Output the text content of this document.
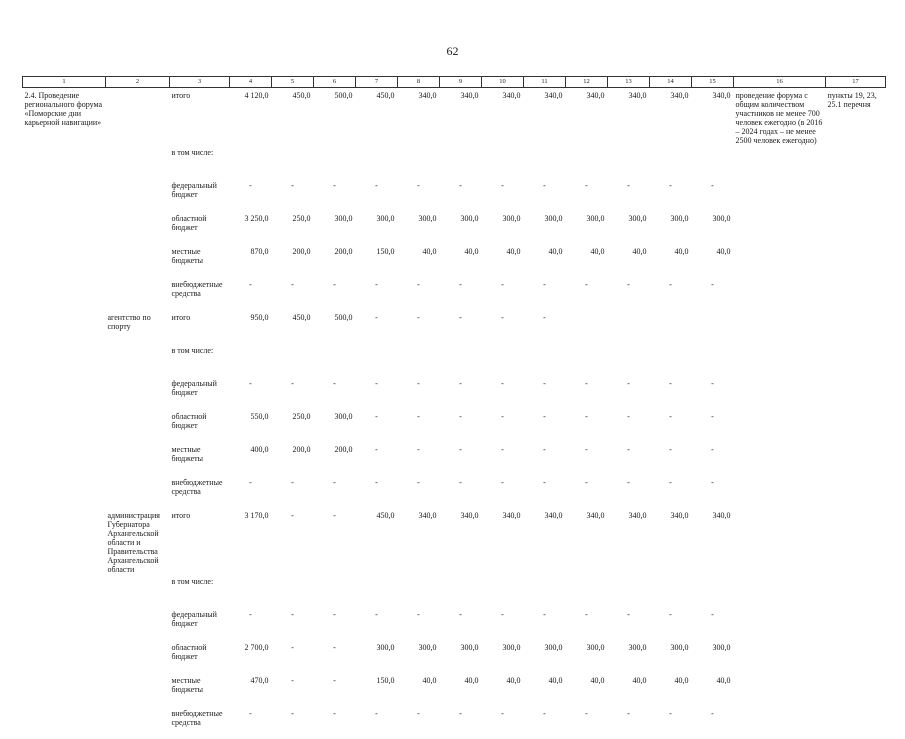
62
1	2	3	4	5	6	7	8	9	10	11	12	13	14	15	16	17

2.4. Проведение регионального форума «Поморские дни карьерной навигации»		итого	4 120,0	450,0	500,0	450,0	340,0	340,0	340,0	340,0	340,0	340,0	340,0	340,0	проведение форума с общим количеством участников не менее 700 человек ежегодно (в 2016 – 2024 годах – не менее 2500 человек ежегодно)	пункты 19, 23, 25.1 перечня

		в том числе:														
		федеральный бюджет	-	-	-	-	-	-	-	-	-	-	-	-		
		областной бюджет	3 250,0	250,0	300,0	300,0	300,0	300,0	300,0	300,0	300,0	300,0	300,0	300,0		
		местные бюджеты	870,0	200,0	200,0	150,0	40,0	40,0	40,0	40,0	40,0	40,0	40,0	40,0		
		внебюджетные средства	-	-	-	-	-	-	-	-	-	-	-	-		
	агентство по спорту	итого	950,0	450,0	500,0	-	-	-	-	-						
		в том числе:														
		федеральный бюджет	-	-	-	-	-	-	-	-	-	-	-	-		
		областной бюджет	550,0	250,0	300,0	-	-	-	-	-	-	-	-	-		
		местные бюджеты	400,0	200,0	200,0	-	-	-	-	-	-	-	-	-		
		внебюджетные средства	-	-	-	-	-	-	-	-	-	-	-	-		
	администрация Губернатора Архангельской области и Правительства Архангельской области	итого	3 170,0	-	-	450,0	340,0	340,0	340,0	340,0	340,0	340,0	340,0	340,0		
		в том числе:														
		федеральный бюджет	-	-	-	-	-	-	-	-	-	-	-	-		
		областной бюджет	2 700,0	-	-	300,0	300,0	300,0	300,0	300,0	300,0	300,0	300,0	300,0		
		местные бюджеты	470,0	-	-	150,0	40,0	40,0	40,0	40,0	40,0	40,0	40,0	40,0		
		внебюджетные средства	-	-	-	-	-	-	-	-	-	-	-	-		
